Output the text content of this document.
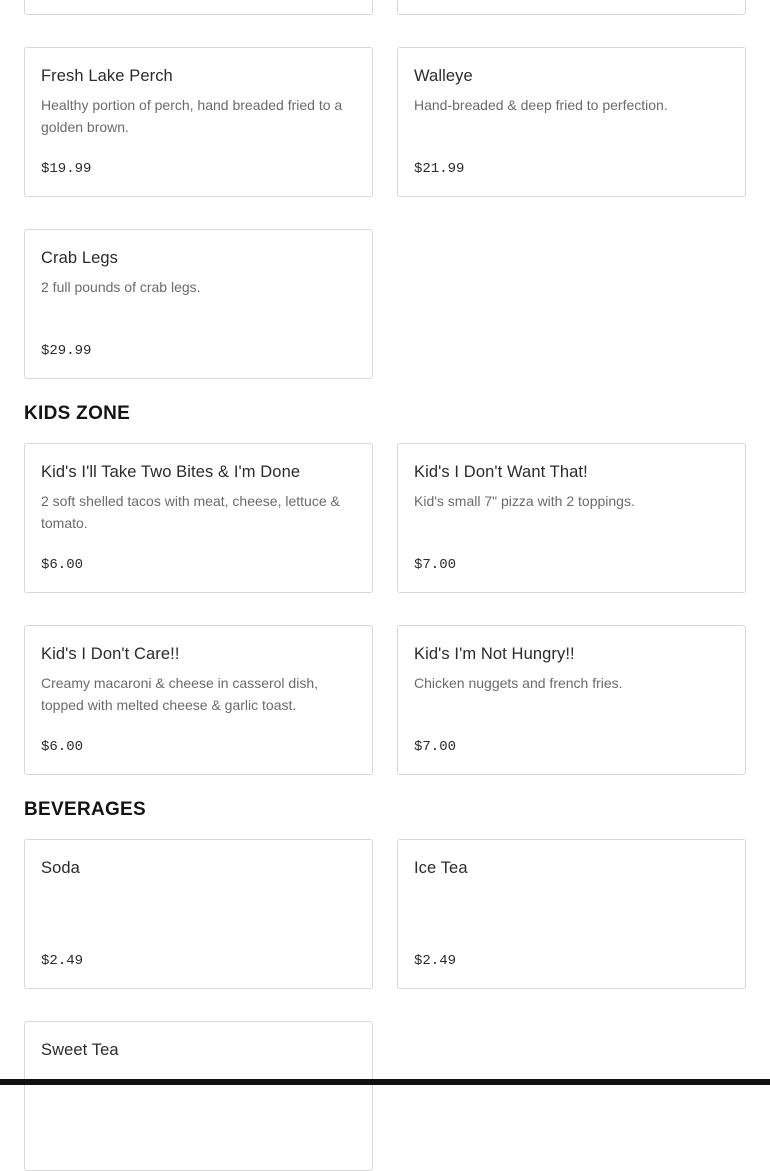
Fresh Lake Perch
Healthy portion of perch, hand breaded fried to a golden brown.
$19.99
Walleye
Hand-breaded & deep fried to perfection.
$21.99
Crab Legs
2 full pounds of crab legs.
$29.99
KIDS ZONE
Kid's I'll Take Two Bites & I'm Done
2 soft shelled tacos with meat, cheese, lettuce & tomato.
$6.00
Kid's I Don't Want That!
Kid's small 7" pizza with 2 toppings.
$7.00
Kid's I Don't Care!!
Creamy macaroni & cheese in casserol dish, topped with melted cheese & garlic toast.
$6.00
Kid's I'm Not Hungry!!
Chicken nuggets and french fries.
$7.00
BEVERAGES
Soda
$2.49
Ice Tea
$2.49
Sweet Tea
